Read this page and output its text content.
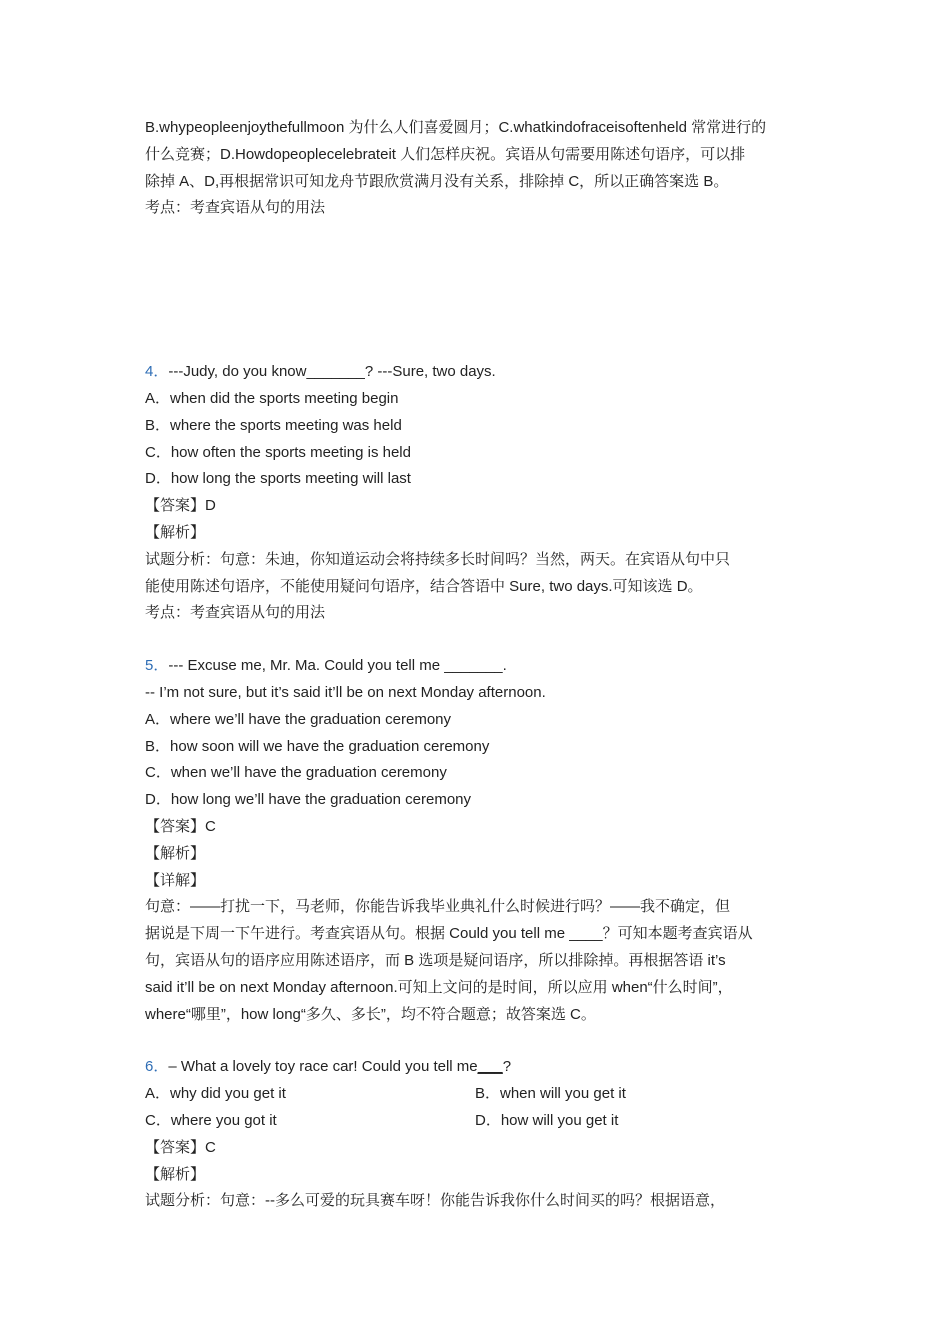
B.whypeopleenjoythefullmoon 为什么人们喜爱圆月；C.whatkindofraceisoftenheld 常常进行的
什么竞赛；D.Howdopeoplecelebrateit 人们怎样庆祝。宾语从句需要用陈述句语序，可以排
除掉 A、D,再根据常识可知龙舟节跟欣赏满月没有关系，排除掉 C，所以正确答案选 B。
考点：考查宾语从句的用法
4．---Judy, do you know_______? ---Sure, two days.
A．when did the sports meeting begin
B．where the sports meeting was held
C．how often the sports meeting is held
D．how long the sports meeting will last
【答案】D
【解析】
试题分析：句意：朱迪，你知道运动会将持续多长时间吗？当然，两天。在宾语从句中只
能使用陈述句语序，不能使用疑问句语序，结合答语中 Sure, two days.可知该选 D。
考点：考查宾语从句的用法
5．--- Excuse me, Mr. Ma. Could you tell me _______.
-- I’m not sure, but it’s said it’ll be on next Monday afternoon.
A．where we’ll have the graduation ceremony
B．how soon will we have the graduation ceremony
C．when we’ll have the graduation ceremony
D．how long we’ll have the graduation ceremony
【答案】C
【解析】
【详解】
句意：——打扰一下，马老师，你能告诉我毕业典礼什么时候进行吗？——我不确定，但
据说是下周一下午进行。考查宾语从句。根据 Could you tell me ____？可知本题考查宾语从
句，宾语从句的语序应用陈述语序，而 B 选项是疑问语序，所以排除掉。再根据答语 it’s
said it’ll be on next Monday afternoon.可知上文问的是时间，所以应用 when“什么时间”，
where“哪里”，how long“多久、多长”，均不符合题意；故答案选 C。
6．– What a lovely toy race car! Could you tell me___?
A．why did you get it	B．when will you get it
C．where you got it	D．how will you get it
【答案】C
【解析】
试题分析：句意：--多么可爱的玩具赛车呀！你能告诉我你什么时间买的吗？根据语意，
